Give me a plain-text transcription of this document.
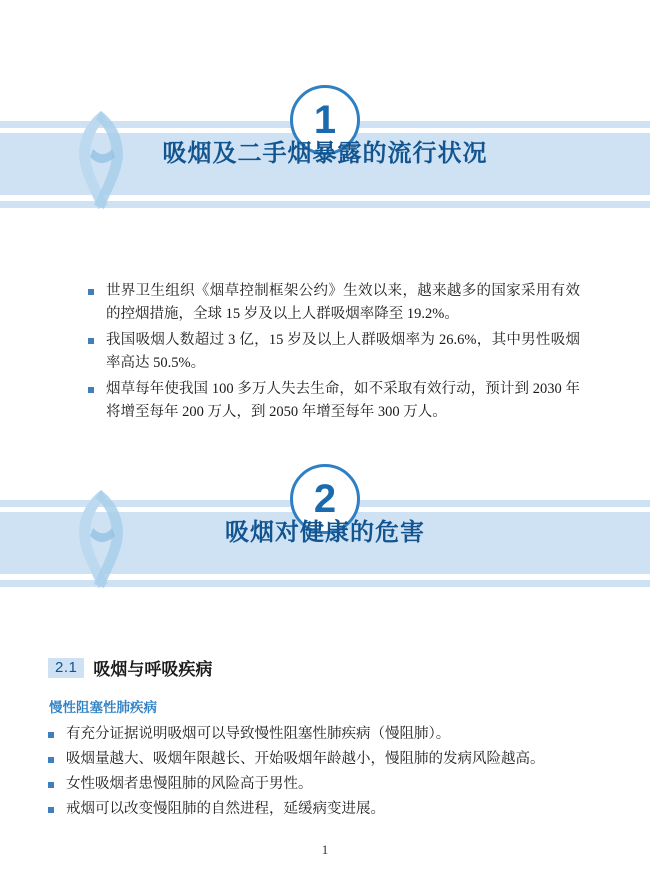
1
吸烟及二手烟暴露的流行状况
世界卫生组织《烟草控制框架公约》生效以来，越来越多的国家采用有效的控烟措施，全球 15 岁及以上人群吸烟率降至 19.2%。
我国吸烟人数超过 3 亿，15 岁及以上人群吸烟率为 26.6%，其中男性吸烟率高达 50.5%。
烟草每年使我国 100 多万人失去生命，如不采取有效行动，预计到 2030 年将增至每年 200 万人，到 2050 年增至每年 300 万人。
2
吸烟对健康的危害
2.1 吸烟与呼吸疾病
慢性阻塞性肺疾病
有充分证据说明吸烟可以导致慢性阻塞性肺疾病（慢阻肺）。
吸烟量越大、吸烟年限越长、开始吸烟年龄越小，慢阻肺的发病风险越高。
女性吸烟者患慢阻肺的风险高于男性。
戒烟可以改变慢阻肺的自然进程，延缓病变进展。
1
